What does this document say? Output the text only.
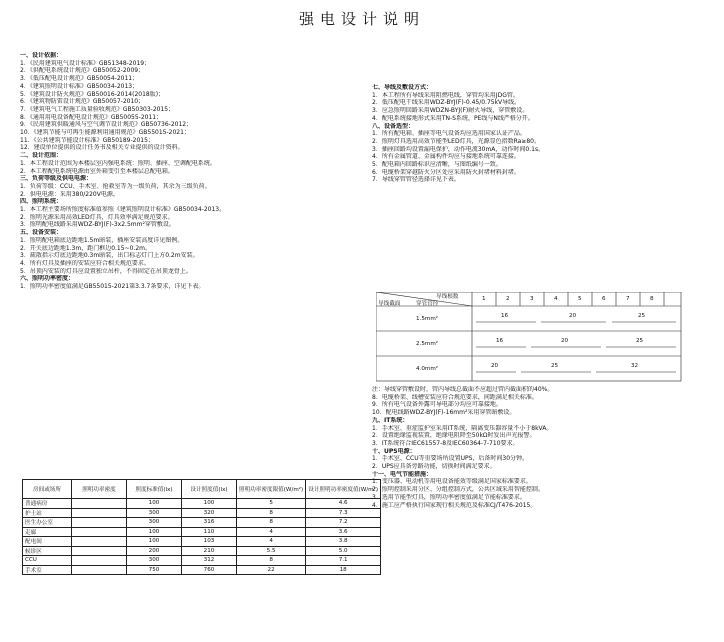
强电设计说明
一、设计依据：
1．《民用建筑电气设计标准》GB51348-2019；
2．《供配电系统设计规范》GB50052-2009；
3．《低压配电设计规范》GB50054-2011；
4．《建筑照明设计标准》GB50034-2013；
5．《建筑设计防火规范》GB50016-2014(2018版)；
6．《建筑物防雷设计规范》GB50057-2010；
7．《建筑电气工程施工质量验收规范》GB50303-2015；
8．《通用用电设备配电设计规范》GB50055-2011；
9．《民用建筑供暖通风与空气调节设计规范》GB50736-2012；
10．《建筑节能与可再生能源利用通用规范》GB55015-2021；
11．《公共建筑节能设计标准》GB50189-2015；
12．建设单位提供的设计任务书及相关专业提供的设计资料。
二、设计范围：
1．本工程设计范围为本楼层室内强电系统：照明、插座、空调配电系统。
2．本工程配电系统电源由室外箱变引至本楼层总配电箱。
三、负荷等级及供电电源：
1．负荷等级：CCU、手术室、抢救室等为一级负荷，其余为三级负荷。
2．供电电源：采用380/220V电源。
四、照明系统：
1．本工程主要场所照度标准值参照《建筑照明设计标准》GB50034-2013。
2．照明光源采用高效LED灯具，灯具效率满足规范要求。
3．照明配电线路采用WDZ-BYJ(F)-3x2.5mm²穿管敷设。
五、设备安装：
1．照明配电箱底边距地1.5m暗装，插座安装高度详见图例。
2．开关底边距地1.3m，距门框边0.15~0.2m。
3．疏散指示灯底边距地0.3m暗装，出口标志灯门上方0.2m安装。
4．所有灯具及插座的安装应符合相关规范要求。
5．吊顶内安装的灯具应设置独立吊杆，不得固定在吊顶龙骨上。
六、照明功率密度：
1．照明功率密度值满足GB55015-2021第3.3.7条要求，详见下表。
房间或场所	照明功率密度	照度标准值(lx)	设计照度值(lx)	照明功率密度限值(W/m²)	设计照明功率密度值(W/m²)
普通病房		100	100	5	4.6
护士站		300	320	8	7.3
医生办公室		300	316	8	7.2
走廊		100	110	4	3.6
配电间		100	103	4	3.8
候诊区		200	210	5.5	5.0
CCU		300	312	8	7.1
手术室		750	760	22	18
七、导线及敷设方式：
1．本工程所有导线采用阻燃电线，穿管均采用JDG管。
2．低压配电干线采用WDZ-BYJ(F)-0.45/0.75kV导线。
3．应急照明回路采用WDZN-BYJ(F)耐火导线，穿管敷设。
4．配电系统接地形式采用TN-S系统，PE线与N线严格分开。
八、设备选型：
1．所有配电箱、插座等电气设备均应选用国家认证产品。
2．照明灯具选用高效节能型LED灯具，光源显色指数Ra≥80。
3．插座回路均设置漏电保护，动作电流30mA，动作时间0.1s。
4．所有金属管道、金属构件均应与接地系统可靠连接。
5．配电箱内回路标识应清晰，与图纸编号一致。
6．电缆桥架穿越防火分区处应采用防火封堵材料封堵。
7．导线穿管管径选择详见下表。
导线根数
导线截面	穿管管径
1	2	3	4	5	6	7	8
1.5mm²	16	20	25
2.5mm²	16	20	25
4.0mm²	20	25	32
注：导线穿管敷设时，管内导线总截面不应超过管内截面积的40%。
8．电缆桥架、线槽安装应符合规范要求，间距满足相关标准。
9．所有电气设备外露可导电部分均应可靠接地。
10．配电线路WDZ-BYJ(F)-16mm²采用穿管暗敷设。
九、IT系统：
1．手术室、重症监护室采用IT系统，隔离变压器容量不小于8kVA。
2．设置绝缘监视装置，绝缘电阻降至50kΩ时发出声光报警。
3．IT系统符合IEC61557-8及IEC60364-7-710要求。
十、UPS电源：
1．手术室、CCU等重要场所设置UPS，后备时间30分钟。
2．UPS应具备旁路功能，切换时间满足要求。
十一、电气节能措施：
1．变压器、电动机等用电设备能效等级满足国家标准要求。
2．照明控制采用分区、分组控制方式，公共区域采用智能控制。
3．选用节能型灯具，照明功率密度值满足节能标准要求。
4．施工应严格执行国家现行相关规范及标准CJ/T476-2015。
